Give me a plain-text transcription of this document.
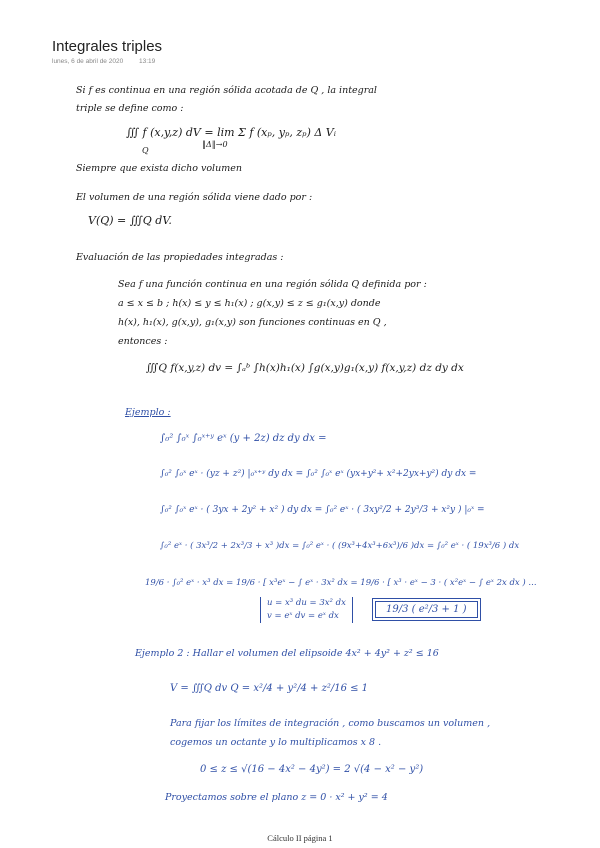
Integrales triples
lunes, 6 de abril de 2020 13:19
Si f es continua en una región sólida acotada de Q , la integral
triple se define como :
∭ f (x,y,z) dV = lim Σ f (xₚ, yₚ, zₚ) Δ Vᵢ
Q
‖Δ‖→0
Siempre que exista dicho volumen
El volumen de una región sólida viene dado por :
V(Q) = ∭Q dV.
Evaluación de las propiedades integradas :
Sea f una función continua en una región sólida Q definida por :
a ≤ x ≤ b ; h(x) ≤ y ≤ h₁(x) ; g(x,y) ≤ z ≤ g₁(x,y) donde
h(x), h₁(x), g(x,y), g₁(x,y) son funciones continuas en Q ,
entonces :
∭Q f(x,y,z) dv = ∫ₐᵇ ∫h(x)h₁(x) ∫g(x,y)g₁(x,y) f(x,y,z) dz dy dx
Ejemplo :
∫₀² ∫₀ˣ ∫₀ˣ⁺ʸ eˣ (y + 2z) dz dy dx =
∫₀² ∫₀ˣ eˣ · (yz + z²) |₀ˣ⁺ʸ dy dx = ∫₀² ∫₀ˣ eˣ (yx+y²+ x²+2yx+y²) dy dx =
∫₀² ∫₀ˣ eˣ · ( 3yx + 2y² + x² ) dy dx = ∫₀² eˣ · ( 3xy²/2 + 2y³/3 + x²y ) |₀ˣ =
∫₀² eˣ · ( 3x³/2 + 2x³/3 + x³ )dx = ∫₀² eˣ · ( (9x³+4x³+6x³)/6 )dx = ∫₀² eˣ · ( 19x³/6 ) dx
19/6 · ∫₀² eˣ · x³ dx = 19/6 · [ x³eˣ − ∫ eˣ · 3x² dx = 19/6 · [ x³ · eˣ − 3 · ( x²eˣ − ∫ eˣ 2x dx ) ...
u = x³ du = 3x² dx
v = eˣ dv = eˣ dx
19/3 ( e²/3 + 1 )
Ejemplo 2 : Hallar el volumen del elipsoide 4x² + 4y² + z² ≤ 16
V = ∭Q dv Q = x²/4 + y²/4 + z²/16 ≤ 1
Para fijar los límites de integración , como buscamos un volumen ,
cogemos un octante y lo multiplicamos x 8 .
0 ≤ z ≤ √(16 − 4x² − 4y²) = 2 √(4 − x² − y²)
Proyectamos sobre el plano z = 0 · x² + y² = 4
Cálculo II página 1
